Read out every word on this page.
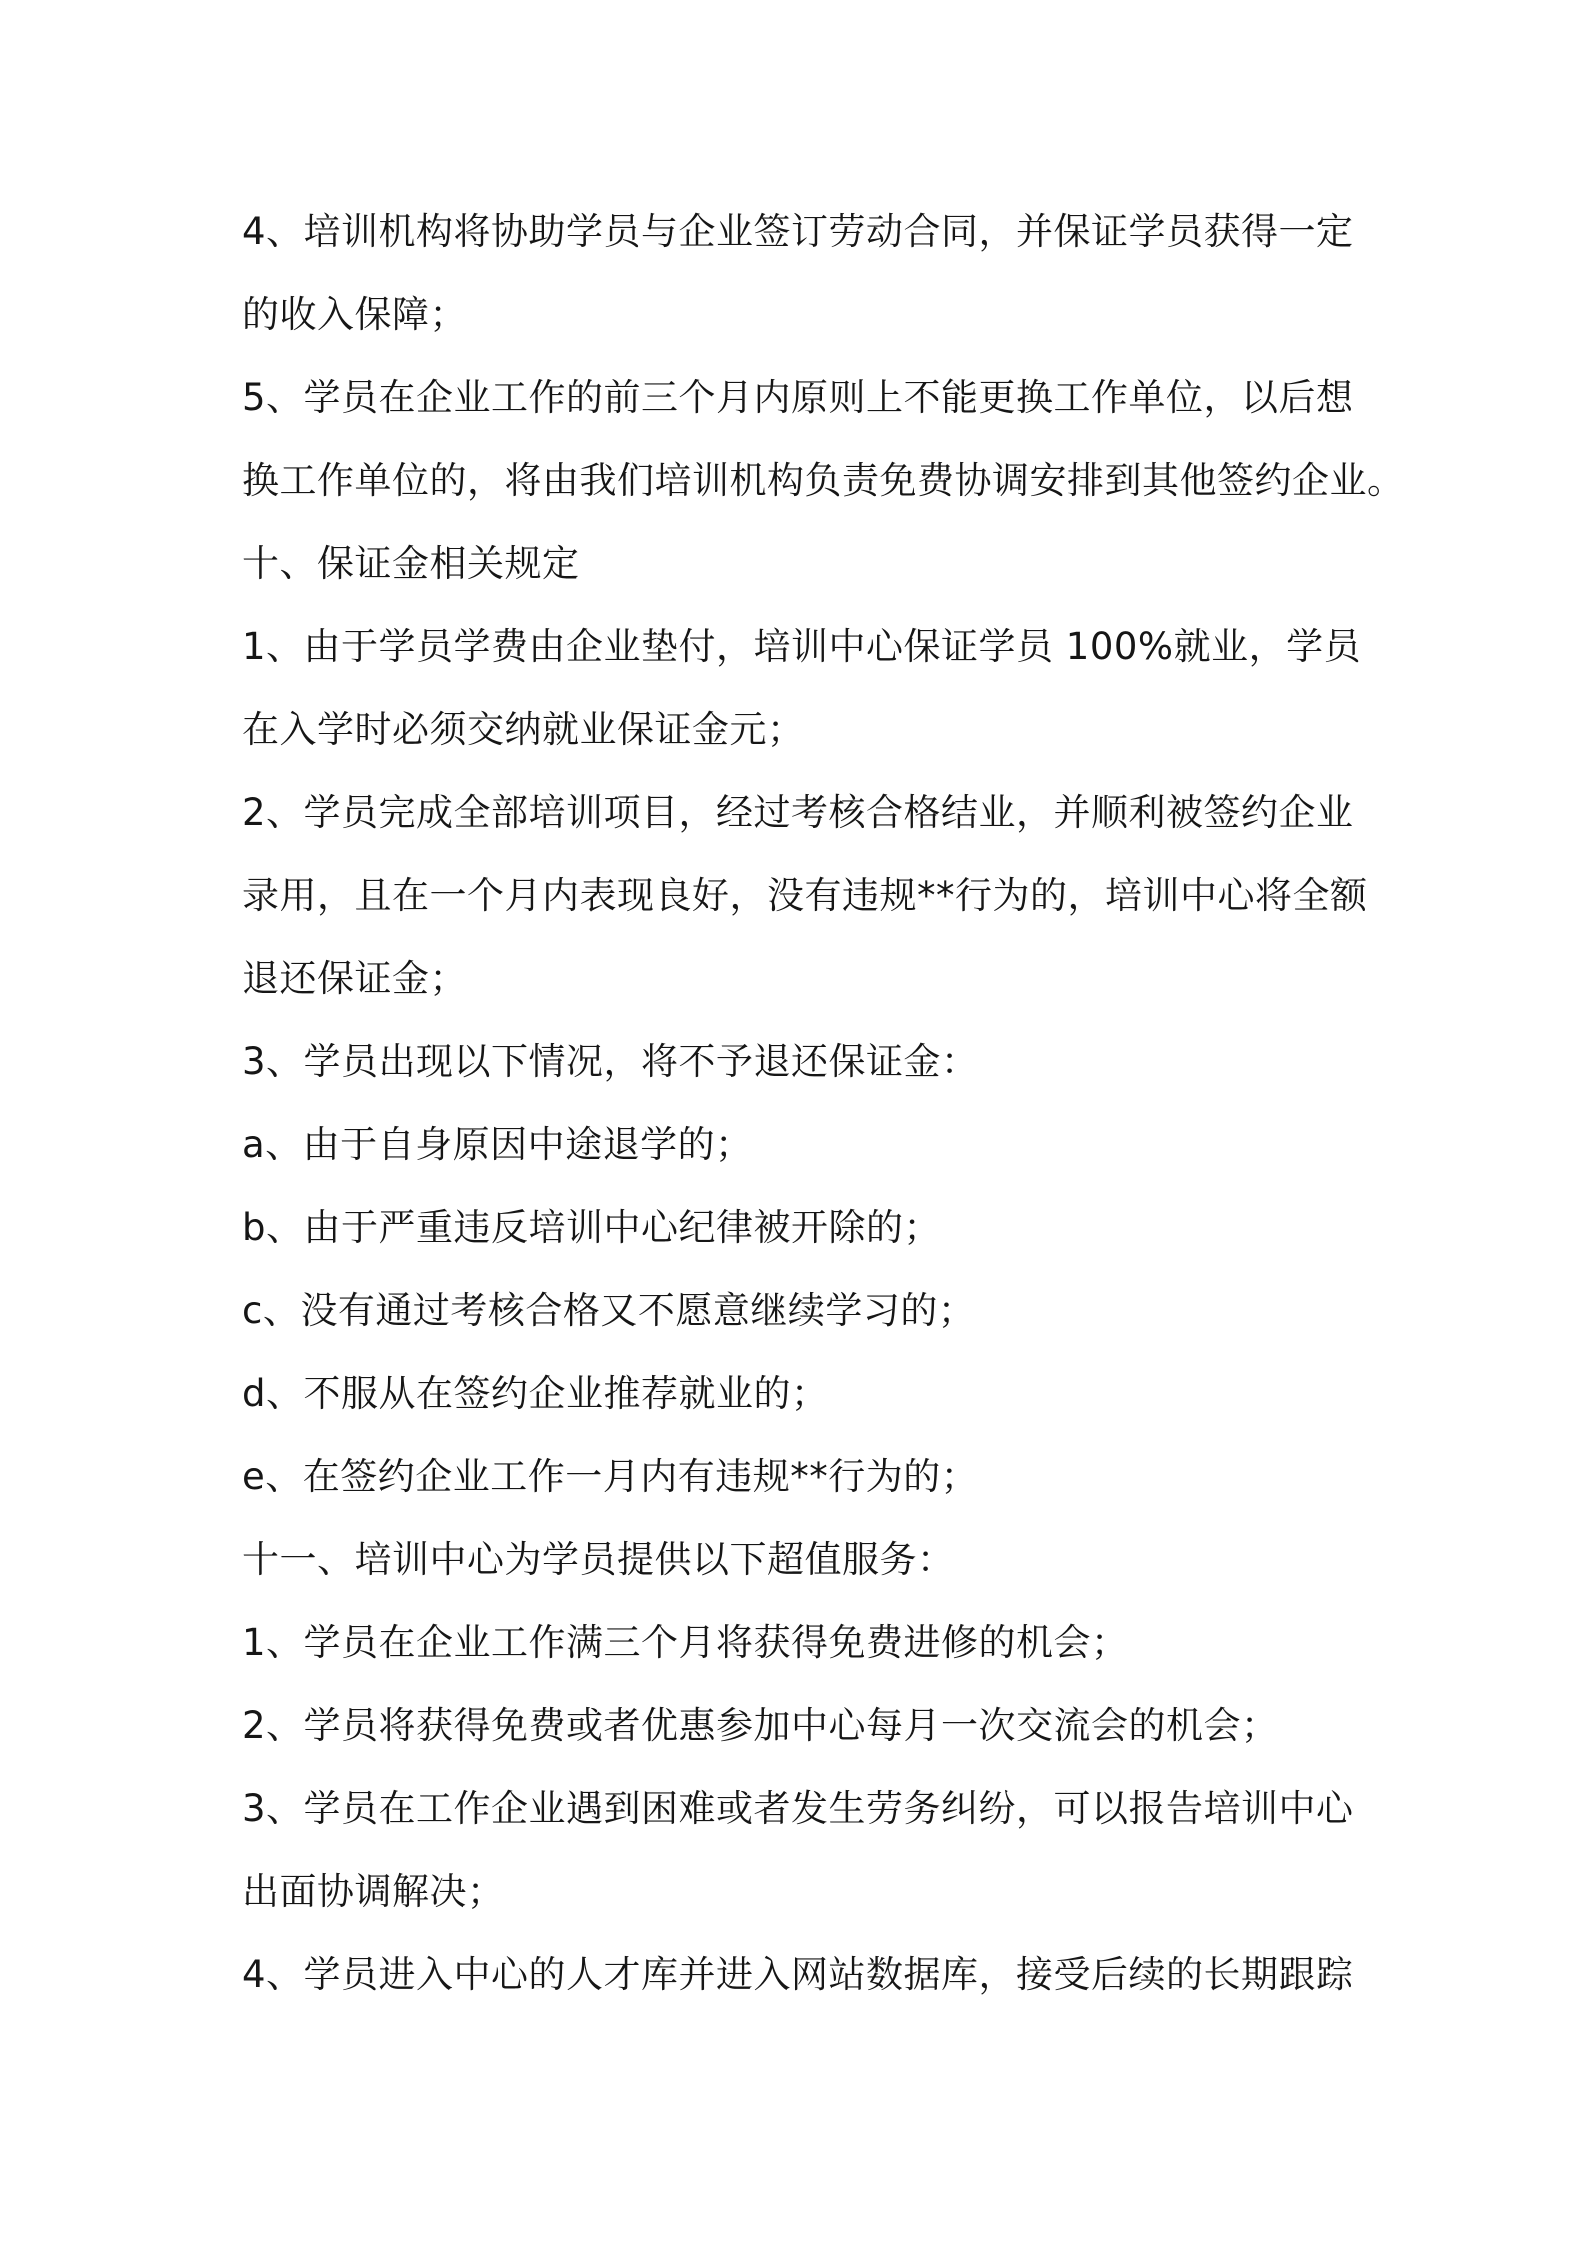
4、培训机构将协助学员与企业签订劳动合同，并保证学员获得一定
的收入保障；
5、学员在企业工作的前三个月内原则上不能更换工作单位，以后想
换工作单位的，将由我们培训机构负责免费协调安排到其他签约企业。
十、保证金相关规定
1、由于学员学费由企业垫付，培训中心保证学员 100%就业，学员
在入学时必须交纳就业保证金元；
2、学员完成全部培训项目，经过考核合格结业，并顺利被签约企业
录用，且在一个月内表现良好，没有违规**行为的，培训中心将全额
退还保证金；
3、学员出现以下情况，将不予退还保证金：
a、由于自身原因中途退学的；
b、由于严重违反培训中心纪律被开除的；
c、没有通过考核合格又不愿意继续学习的；
d、不服从在签约企业推荐就业的；
e、在签约企业工作一月内有违规**行为的；
十一、培训中心为学员提供以下超值服务：
1、学员在企业工作满三个月将获得免费进修的机会；
2、学员将获得免费或者优惠参加中心每月一次交流会的机会；
3、学员在工作企业遇到困难或者发生劳务纠纷，可以报告培训中心
出面协调解决；
4、学员进入中心的人才库并进入网站数据库，接受后续的长期跟踪
